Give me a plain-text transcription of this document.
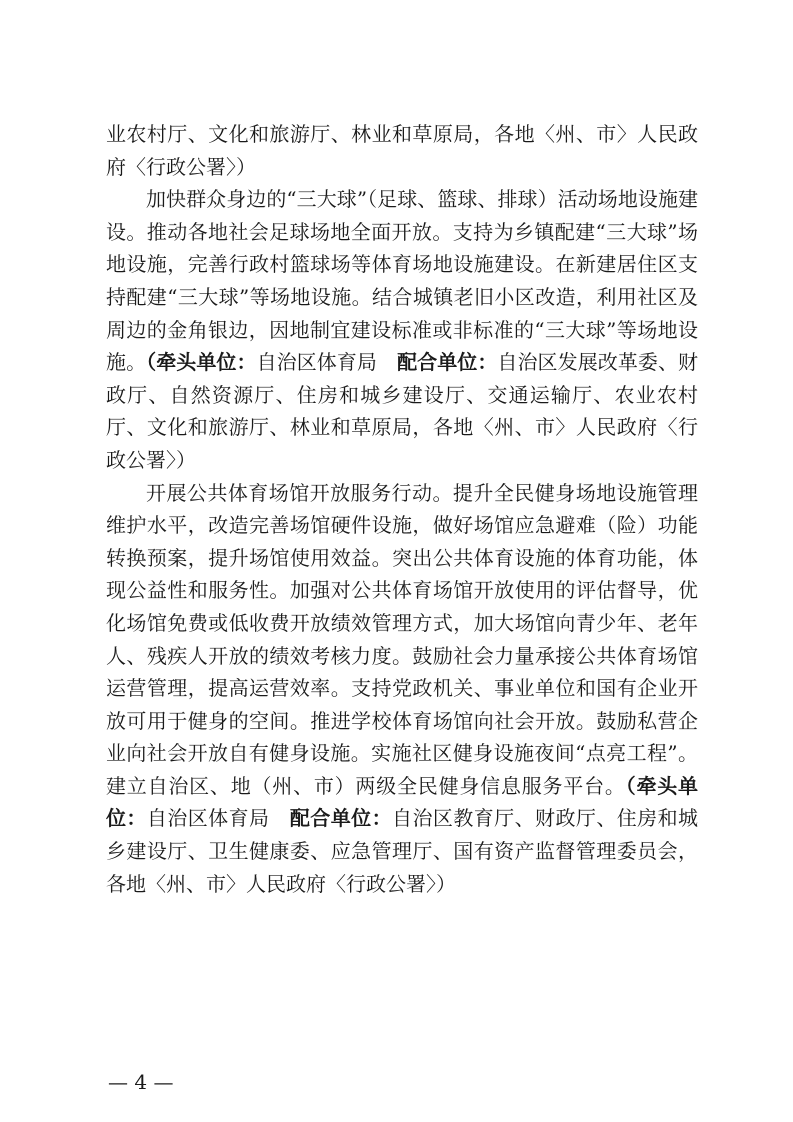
业农村厅、文化和旅游厅、林业和草原局，各地〈州、市〉人民政府〈行政公署〉）

加快群众身边的“三大球”（足球、篮球、排球）活动场地设施建设。推动各地社会足球场地全面开放。支持为乡镇配建“三大球”场地设施，完善行政村篮球场等体育场地设施建设。在新建居住区支持配建“三大球”等场地设施。结合城镇老旧小区改造，利用社区及周边的金角银边，因地制宜建设标准或非标准的“三大球”等场地设施。（牵头单位：自治区体育局　 配合单位：自治区发展改革委、财政厅、自然资源厅、住房和城乡建设厅、交通运输厅、农业农村厅、文化和旅游厅、林业和草原局，各地〈州、市〉人民政府〈行政公署〉）

开展公共体育场馆开放服务行动。提升全民健身场地设施管理维护水平，改造完善场馆硬件设施，做好场馆应急避难（险）功能转换预案，提升场馆使用效益。突出公共体育设施的体育功能，体现公益性和服务性。加强对公共体育场馆开放使用的评估督导，优化场馆免费或低收费开放绩效管理方式，加大场馆向青少年、老年人、残疾人开放的绩效考核力度。鼓励社会力量承接公共体育场馆运营管理，提高运营效率。支持党政机关、事业单位和国有企业开放可用于健身的空间。推进学校体育场馆向社会开放。鼓励私营企业向社会开放自有健身设施。实施社区健身设施夜间“点亮工程”。建立自治区、地（州、市）两级全民健身信息服务平台。（牵头单位：自治区体育局　 配合单位：自治区教育厅、财政厅、住房和城乡建设厅、卫生健康委、应急管理厅、国有资产监督管理委员会，各地〈州、市〉人民政府〈行政公署〉）

— 4 —
